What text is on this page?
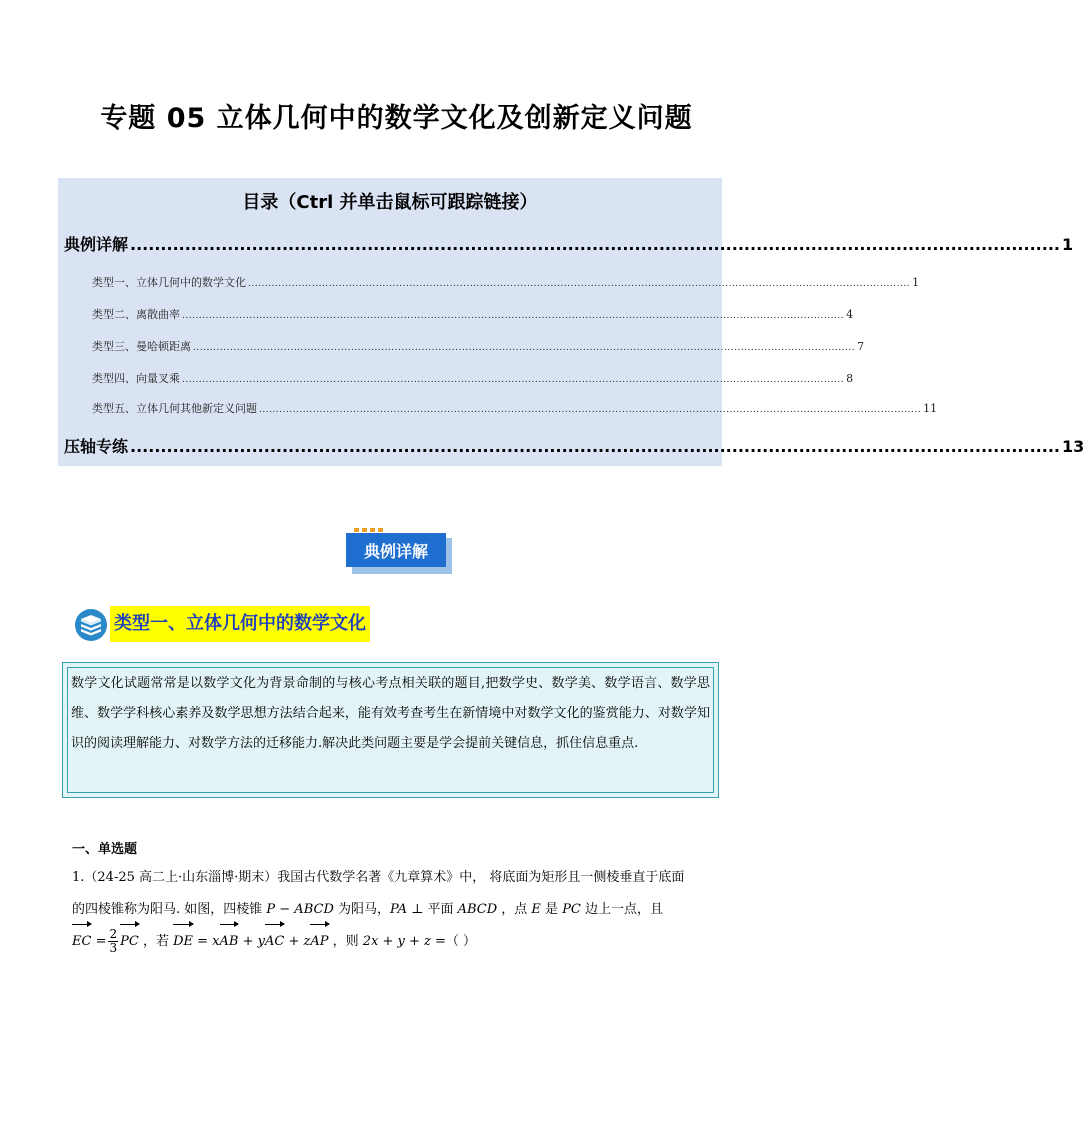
专题 05 立体几何中的数学文化及创新定义问题
目录（Ctrl 并单击鼠标可跟踪链接）
典例详解 ......................................................................................................................................................... 1
类型一、立体几何中的数学文化 ..................................................................................................................................................................................................... 1
类型二、离散曲率 ..................................................................................................................................................................................................... 4
类型三、曼哈顿距离 ..................................................................................................................................................................................................... 7
类型四、向量叉乘 ..................................................................................................................................................................................................... 8
类型五、立体几何其他新定义问题 ..................................................................................................................................................................................................... 11
压轴专练 ......................................................................................................................................................... 13
典例详解
类型一、立体几何中的数学文化
数学文化试题常常是以数学文化为背景命制的与核心考点相关联的题目,把数学史、数学美、数学语言、数学思维、数学学科核心素养及数学思想方法结合起来，能有效考查考生在新情境中对数学文化的鉴赏能力、对数学知识的阅读理解能力、对数学方法的迁移能力.解决此类问题主要是学会提前关键信息，抓住信息重点.
一、单选题
1.（24-25 高二上·山东淄博·期末）我国古代数学名著《九章算术》中， 将底面为矩形且一侧棱垂直于底面
的四棱锥称为阳马. 如图，四棱锥 P − ABCD 为阳马，PA ⊥ 平面 ABCD ，点 E 是 PC 边上一点，且
EC = $\frac{2}{3}$ PC ，若 DE = xAB + yAC + zAP ，则 2x + y + z =（ ）
